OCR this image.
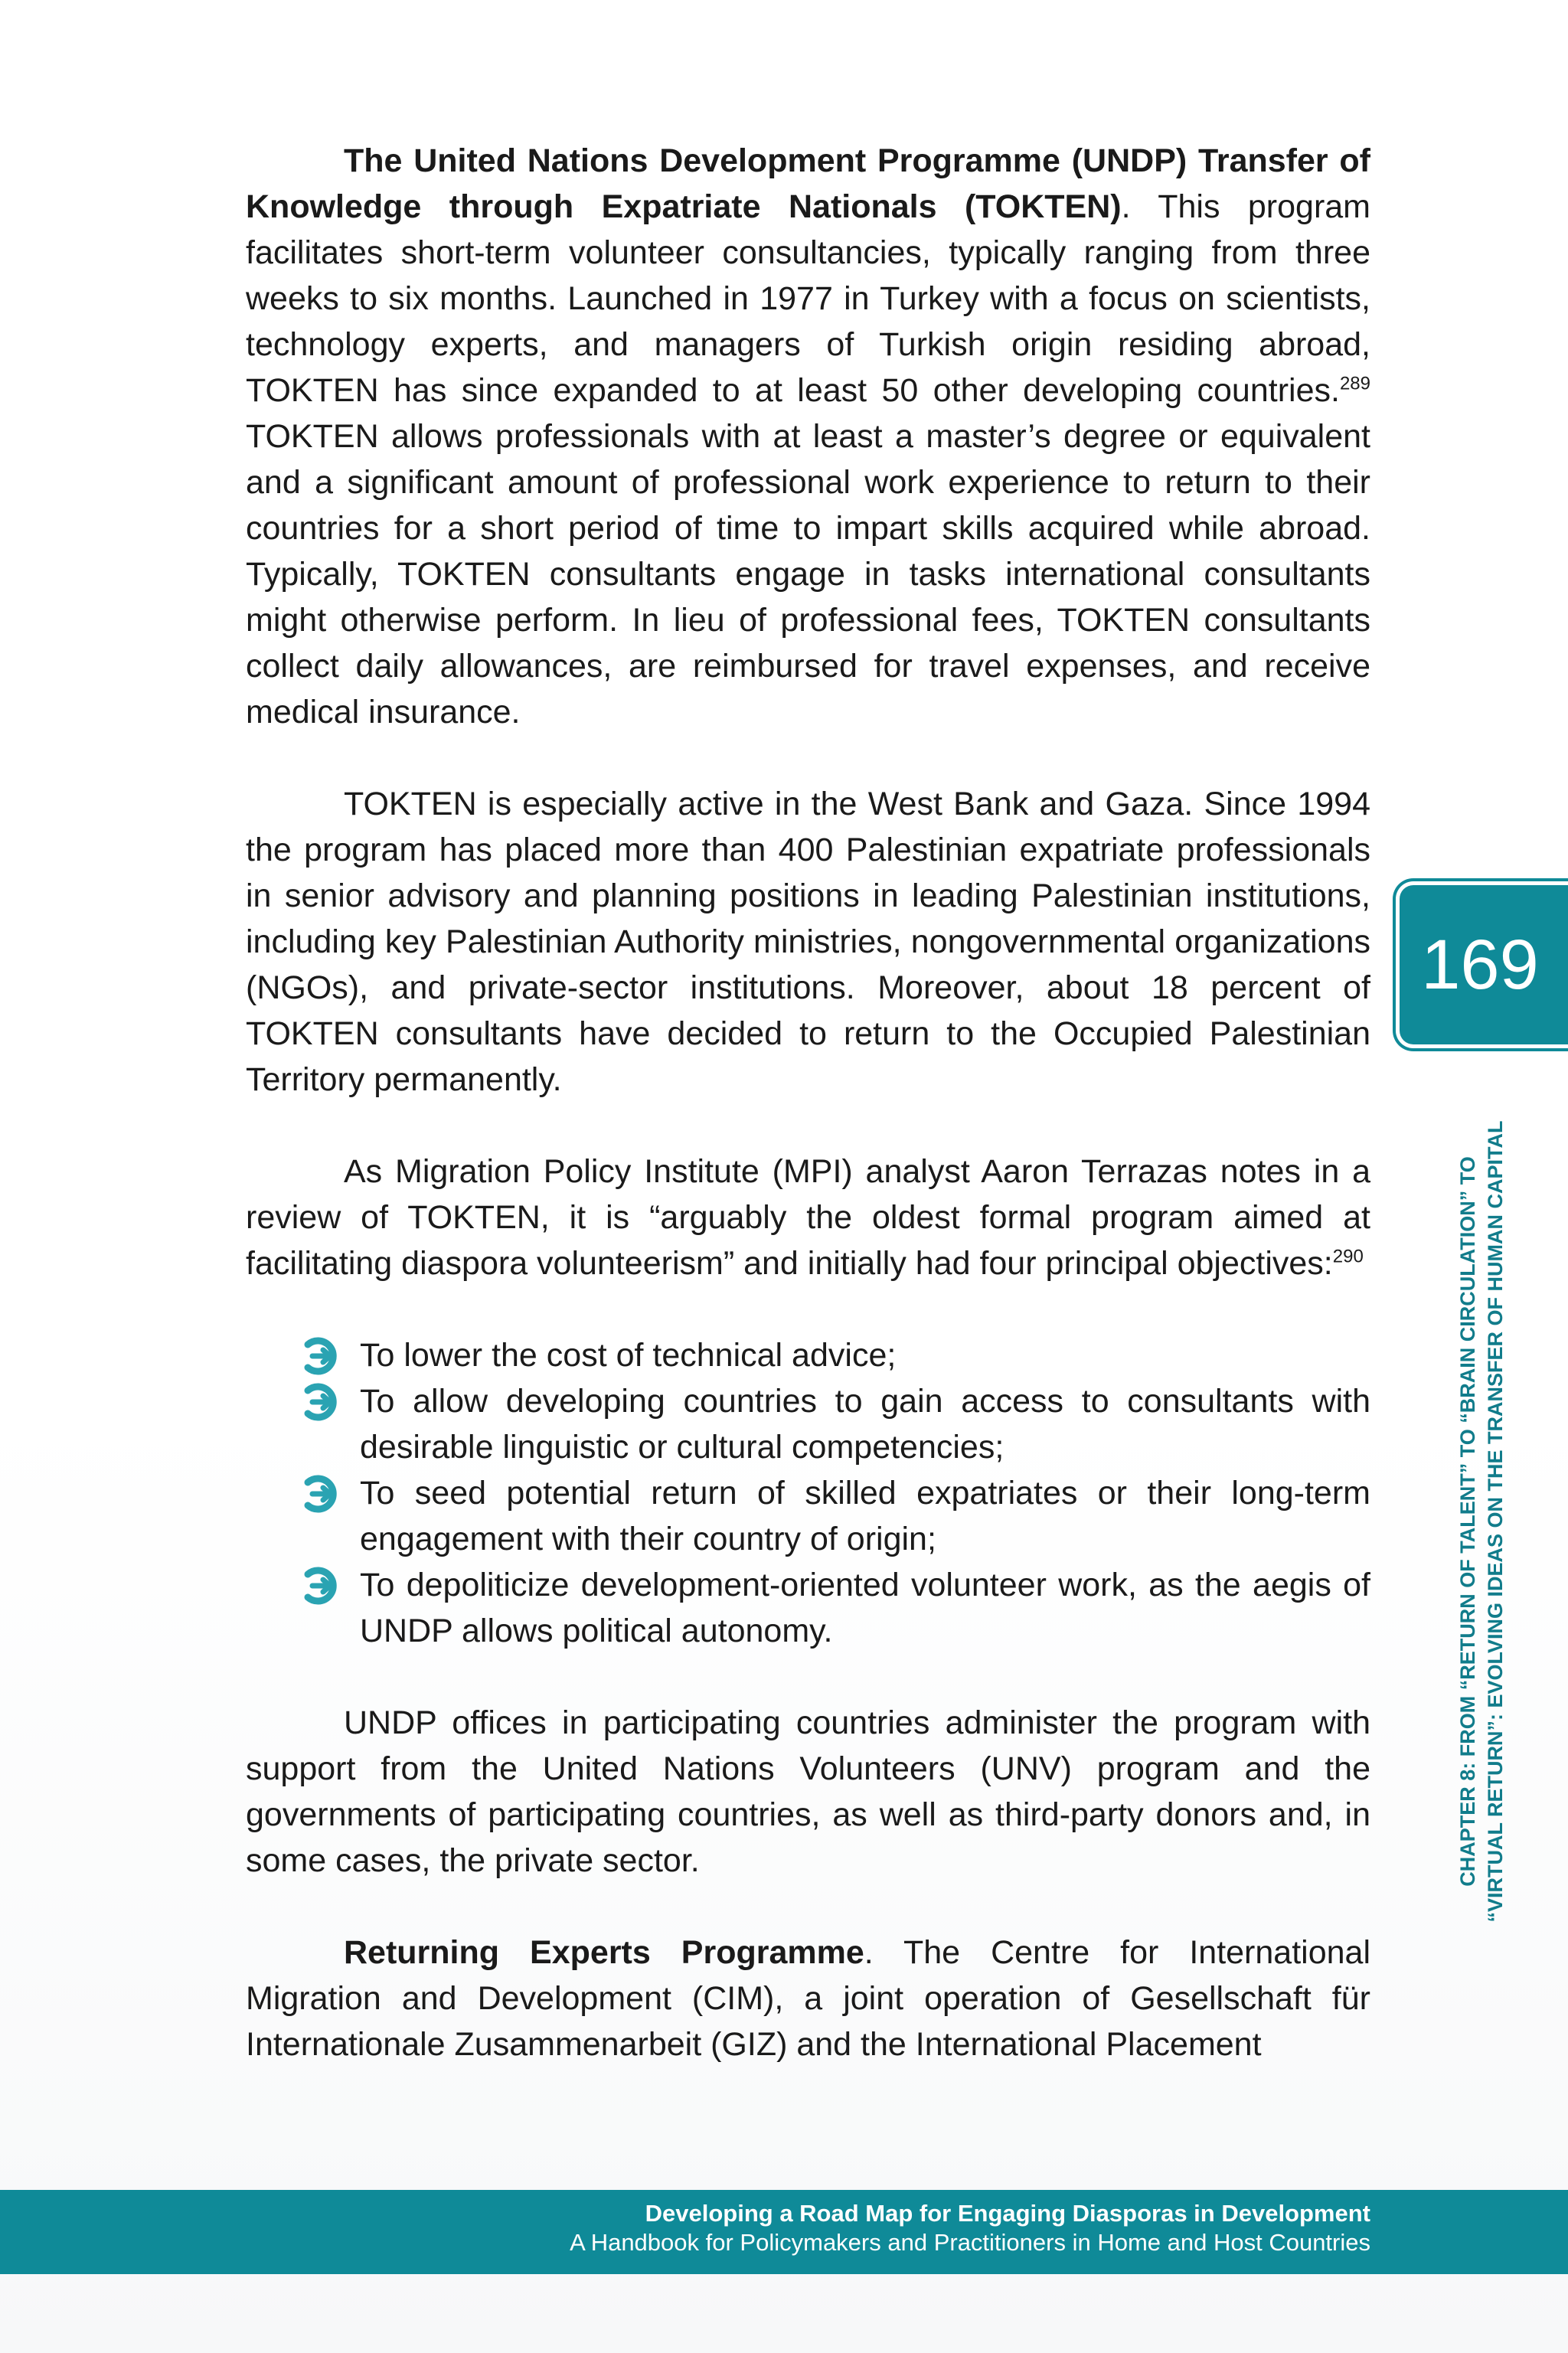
The United Nations Development Programme (UNDP) Transfer of Knowledge through Expatriate Nationals (TOKTEN). This program facilitates short-term volunteer consultancies, typically ranging from three weeks to six months. Launched in 1977 in Turkey with a focus on scientists, technology experts, and managers of Turkish origin residing abroad, TOKTEN has since expanded to at least 50 other developing countries.$^{289}$ TOKTEN allows professionals with at least a master’s degree or equivalent and a significant amount of professional work experience to return to their countries for a short period of time to impart skills acquired while abroad. Typically, TOKTEN consultants engage in tasks international consultants might otherwise perform. In lieu of professional fees, TOKTEN consultants collect daily allowances, are reimbursed for travel expenses, and receive medical insurance.

TOKTEN is especially active in the West Bank and Gaza. Since 1994 the program has placed more than 400 Palestinian expatriate professionals in senior advisory and planning positions in leading Palestinian institutions, including key Palestinian Authority ministries, nongovernmental organizations (NGOs), and private-sector institutions. Moreover, about 18 percent of TOKTEN consultants have decided to return to the Occupied Palestinian Territory permanently.

As Migration Policy Institute (MPI) analyst Aaron Terrazas notes in a review of TOKTEN, it is “arguably the oldest formal program aimed at facilitating diaspora volunteerism” and initially had four principal objectives:$^{290}$

To lower the cost of technical advice;
To allow developing countries to gain access to consultants with desirable linguistic or cultural competencies;
To seed potential return of skilled expatriates or their long-term engagement with their country of origin;
To depoliticize development-oriented volunteer work, as the aegis of UNDP allows political autonomy.

UNDP offices in participating countries administer the program with support from the United Nations Volunteers (UNV) program and the governments of participating countries, as well as third-party donors and, in some cases, the private sector.

Returning Experts Programme. The Centre for International Migration and Development (CIM), a joint operation of Gesellschaft für Internationale Zusammenarbeit (GIZ) and the International Placement

169
CHAPTER 8: FROM “RETURN OF TALENT” TO “BRAIN CIRCULATION” TO “VIRTUAL RETURN”: EVOLVING IDEAS ON THE TRANSFER OF HUMAN CAPITAL
Developing a Road Map for Engaging Diasporas in Development
A Handbook for Policymakers and Practitioners in Home and Host Countries
